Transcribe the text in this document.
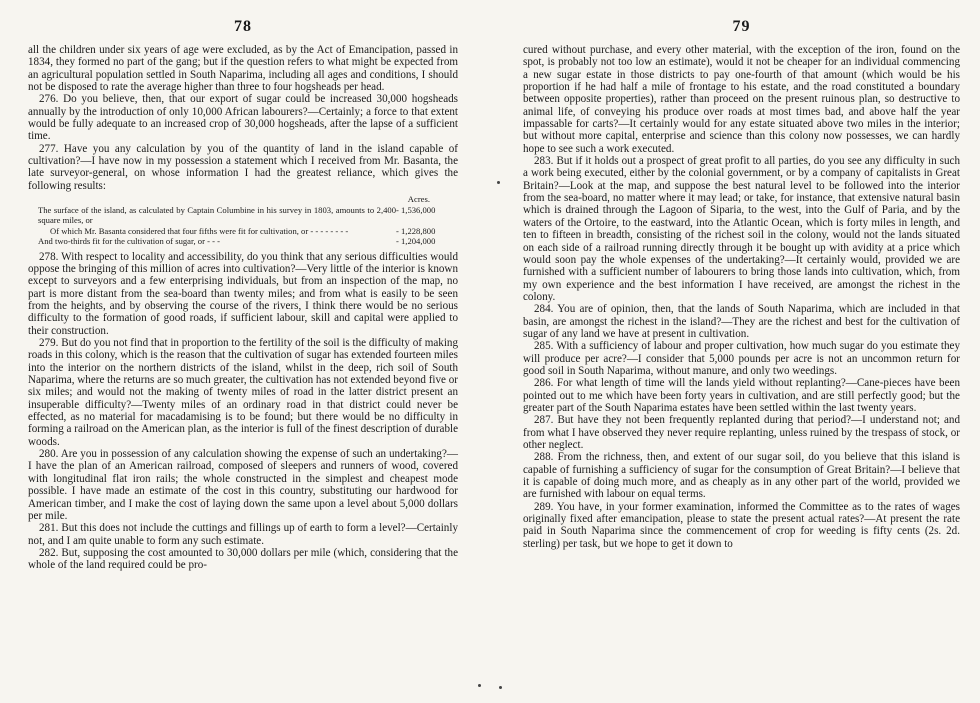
78

all the children under six years of age were excluded, as by the Act of Emancipation, passed in 1834, they formed no part of the gang; but if the question refers to what might be expected from an agricultural population settled in South Naparima, including all ages and conditions, I should not be disposed to rate the average higher than three to four hogsheads per head.

276. Do you believe, then, that our export of sugar could be increased 30,000 hogsheads annually by the introduction of only 10,000 African labourers?—Certainly; a force to that extent would be fully adequate to an increased crop of 30,000 hogsheads, after the lapse of a sufficient time.

277. Have you any calculation by you of the quantity of land in the island capable of cultivation?—I have now in my possession a statement which I received from Mr. Basanta, the late surveyor-general, on whose information I had the greatest reliance, which gives the following results:

Acres.
The surface of the island, as calculated by Captain Columbine in his survey in 1803, amounts to 2,400 square miles, or
- 1,536,000
Of which Mr. Basanta considered that four fifths were fit for cultivation, or - - - - - - - -	- 1,228,800
And two-thirds fit for the cultivation of sugar, or - - -	- 1,204,000

278. With respect to locality and accessibility, do you think that any serious difficulties would oppose the bringing of this million of acres into cultivation?—Very little of the interior is known except to surveyors and a few enterprising individuals, but from an inspection of the map, no part is more distant from the sea-board than twenty miles; and from what is easily to be seen from the heights, and by observing the course of the rivers, I think there would be no serious difficulty to the formation of good roads, if sufficient labour, skill and capital were applied to their construction.

279. But do you not find that in proportion to the fertility of the soil is the difficulty of making roads in this colony, which is the reason that the cultivation of sugar has extended fourteen miles into the interior on the northern districts of the island, whilst in the deep, rich soil of South Naparima, where the returns are so much greater, the cultivation has not extended beyond five or six miles; and would not the making of twenty miles of road in the latter district present an insuperable difficulty?—Twenty miles of an ordinary road in that district could never be effected, as no material for macadamising is to be found; but there would be no difficulty in forming a railroad on the American plan, as the interior is full of the finest description of durable woods.

280. Are you in possession of any calculation showing the expense of such an undertaking?—I have the plan of an American railroad, composed of sleepers and runners of wood, covered with longitudinal flat iron rails; the whole constructed in the simplest and cheapest mode possible. I have made an estimate of the cost in this country, substituting our hardwood for American timber, and I make the cost of laying down the same upon a level about 5,000 dollars per mile.

281. But this does not include the cuttings and fillings up of earth to form a level?—Certainly not, and I am quite unable to form any such estimate.

282. But, supposing the cost amounted to 30,000 dollars per mile (which, considering that the whole of the land required could be pro-

79

cured without purchase, and every other material, with the exception of the iron, found on the spot, is probably not too low an estimate), would it not be cheaper for an individual commencing a new sugar estate in those districts to pay one-fourth of that amount (which would be his proportion if he had half a mile of frontage to his estate, and the road constituted a boundary between opposite properties), rather than proceed on the present ruinous plan, so destructive to animal life, of conveying his produce over roads at most times bad, and above half the year impassable for carts?—It certainly would for any estate situated above two miles in the interior; but without more capital, enterprise and science than this colony now possesses, we can hardly hope to see such a work executed.

283. But if it holds out a prospect of great profit to all parties, do you see any difficulty in such a work being executed, either by the colonial government, or by a company of capitalists in Great Britain?—Look at the map, and suppose the best natural level to be followed into the interior from the sea-board, no matter where it may lead; or take, for instance, that extensive natural basin which is drained through the Lagoon of Siparia, to the west, into the Gulf of Paria, and by the waters of the Ortoire, to the eastward, into the Atlantic Ocean, which is forty miles in length, and ten to fifteen in breadth, consisting of the richest soil in the colony, would not the lands situated on each side of a railroad running directly through it be bought up with avidity at a price which would soon pay the whole expenses of the undertaking?—It certainly would, provided we are furnished with a sufficient number of labourers to bring those lands into cultivation, which, from my own experience and the best information I have received, are amongst the richest in the colony.

284. You are of opinion, then, that the lands of South Naparima, which are included in that basin, are amongst the richest in the island?—They are the richest and best for the cultivation of sugar of any land we have at present in cultivation.

285. With a sufficiency of labour and proper cultivation, how much sugar do you estimate they will produce per acre?—I consider that 5,000 pounds per acre is not an uncommon return for good soil in South Naparima, without manure, and only two weedings.

286. For what length of time will the lands yield without replanting?—Cane-pieces have been pointed out to me which have been forty years in cultivation, and are still perfectly good; but the greater part of the South Naparima estates have been settled within the last twenty years.

287. But have they not been frequently replanted during that period?—I understand not; and from what I have observed they never require replanting, unless ruined by the trespass of stock, or other neglect.

288. From the richness, then, and extent of our sugar soil, do you believe that this island is capable of furnishing a sufficiency of sugar for the consumption of Great Britain?—I believe that it is capable of doing much more, and as cheaply as in any other part of the world, provided we are furnished with labour on equal terms.

289. You have, in your former examination, informed the Committee as to the rates of wages originally fixed after emancipation, please to state the present actual rates?—At present the rate paid in South Naparima since the commencement of crop for weeding is fifty cents (2s. 2d. sterling) per task, but we hope to get it down to
